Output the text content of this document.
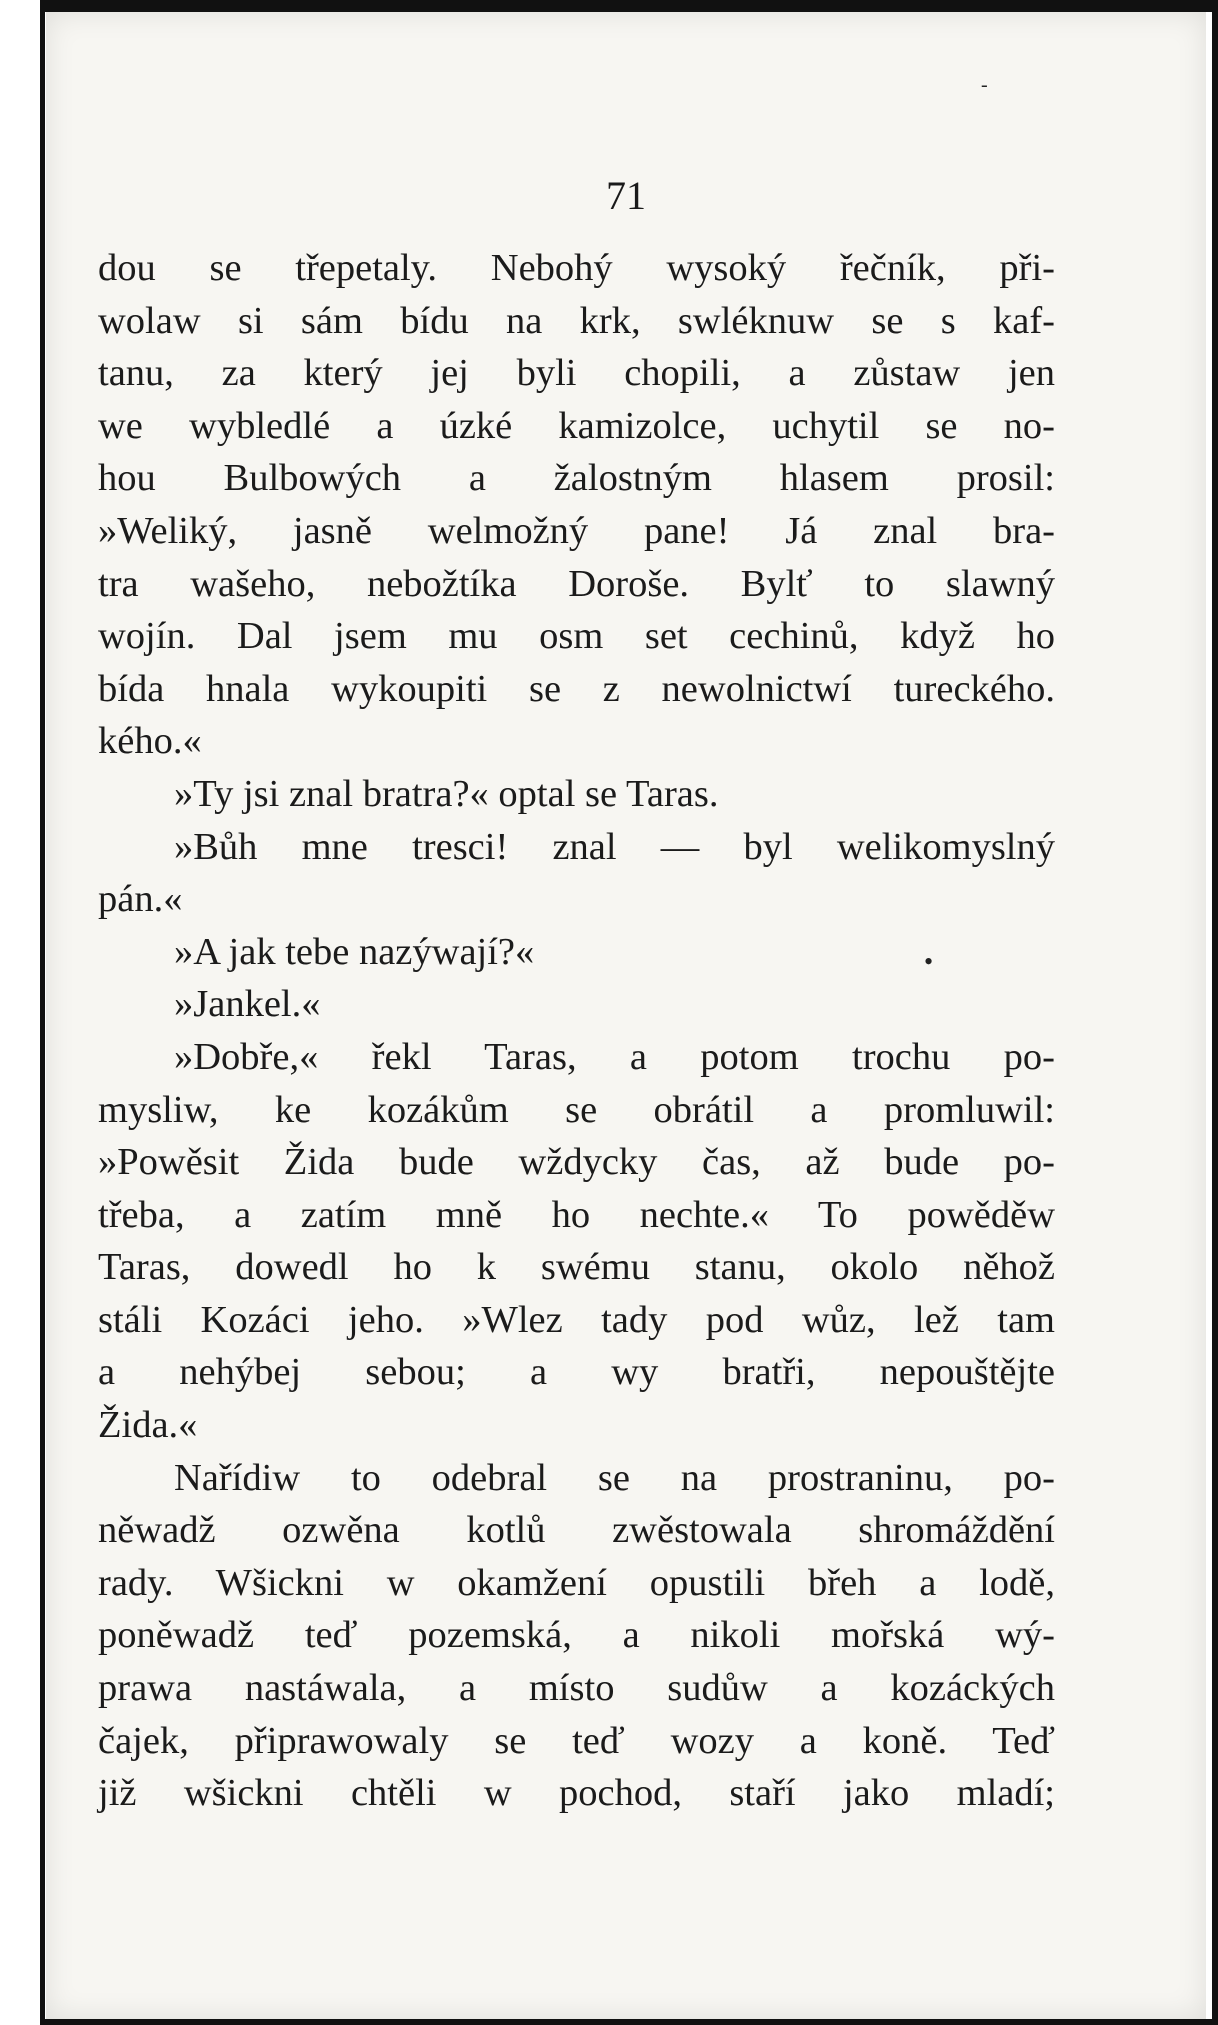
71
-
•
dou se třepetaly. Nebohý wysoký řečník, při-
wolaw si sám bídu na krk, swléknuw se s kaf-
tanu, za který jej byli chopili, a zůstaw jen
we wybledlé a úzké kamizolce, uchytil se no-
hou Bulbowých a žalostným hlasem prosil:
»Weliký, jasně welmožný pane! Já znal bra-
tra wašeho, nebožtíka Doroše. Bylť to slawný
wojín. Dal jsem mu osm set cechinů, když ho
bída hnala wykoupiti se z newolnictwí tureckého.
kého.«
»Ty jsi znal bratra?« optal se Taras.
»Bůh mne tresci! znal — byl welikomyslný
pán.«
»A jak tebe nazýwají?«
»Jankel.«
»Dobře,« řekl Taras, a potom trochu po-
mysliw, ke kozákům se obrátil a promluwil:
»Powěsit Žida bude wždycky čas, až bude po-
třeba, a zatím mně ho nechte.« To powěděw
Taras, dowedl ho k swému stanu, okolo něhož
stáli Kozáci jeho. »Wlez tady pod wůz, lež tam
a nehýbej sebou; a wy bratři, nepouštějte
Žida.«
Nařídiw to odebral se na prostraninu, po-
něwadž ozwěna kotlů zwěstowala shromáždění
rady. Wšickni w okamžení opustili břeh a lodě,
poněwadž teď pozemská, a nikoli mořská wý-
prawa nastáwala, a místo sudůw a kozáckých
čajek, připrawowaly se teď wozy a koně. Teď
již wšickni chtěli w pochod, staří jako mladí;
